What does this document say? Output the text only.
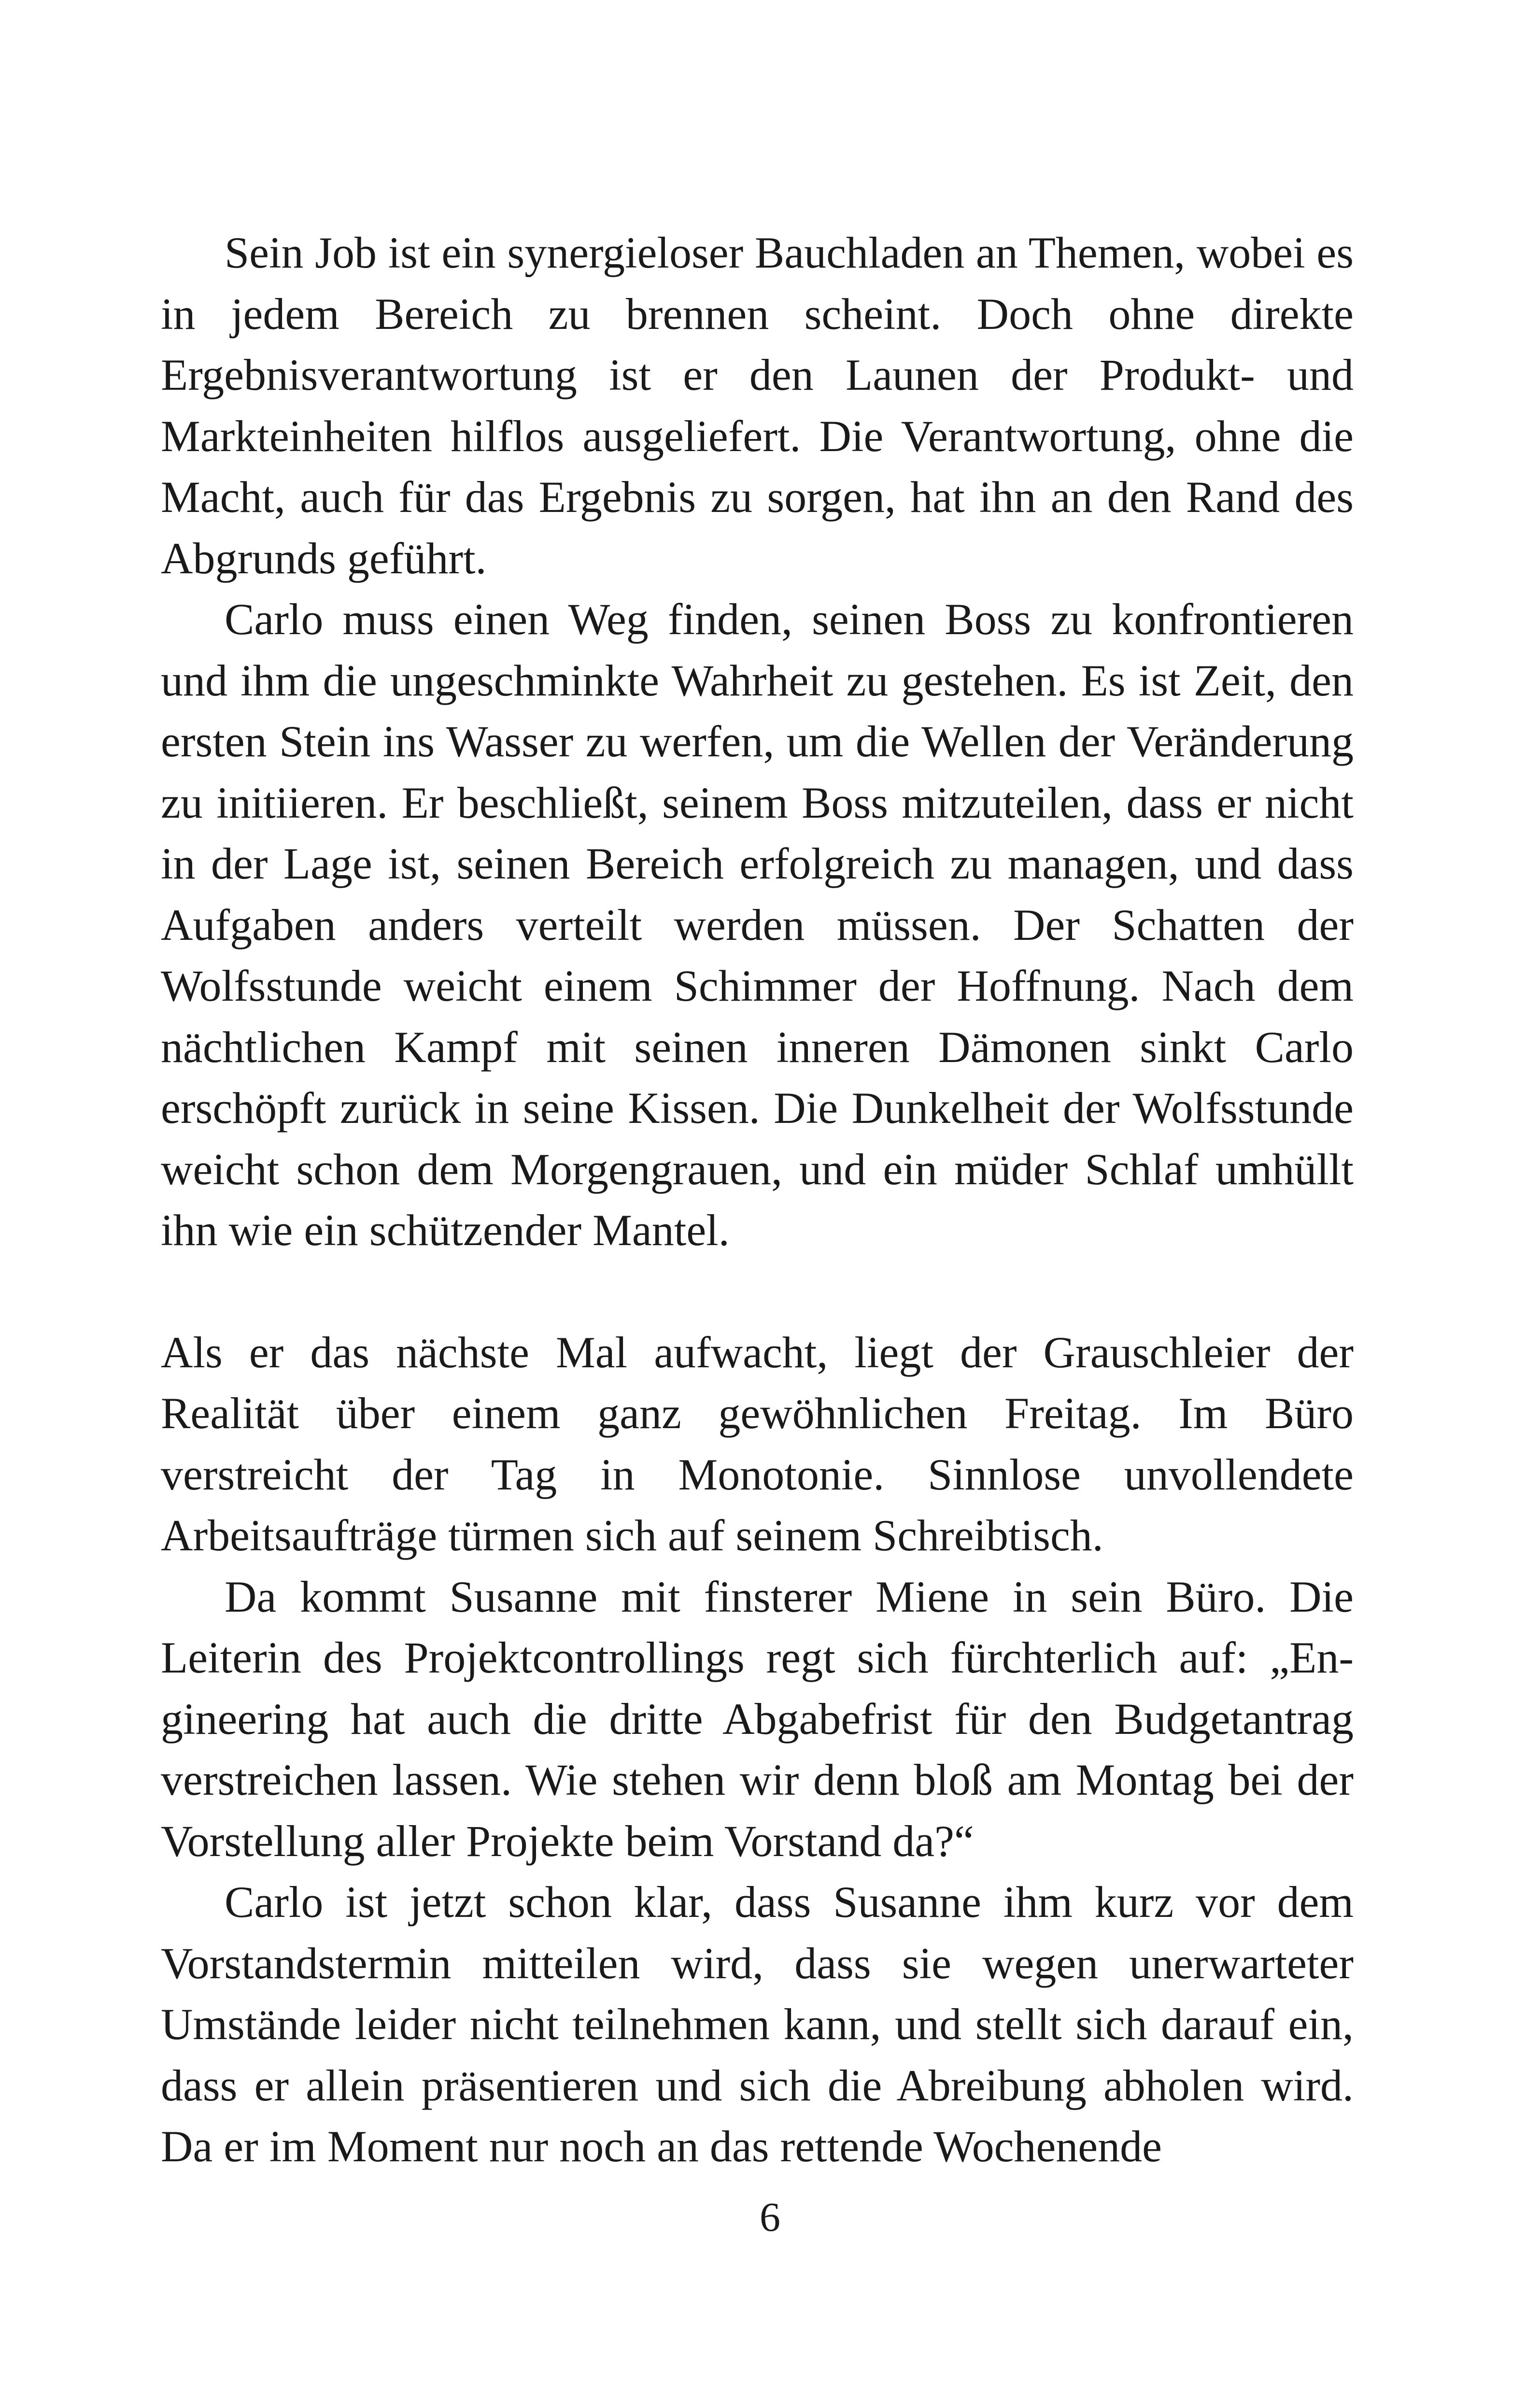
Sein Job ist ein synergieloser Bauchladen an Themen, wobei es in jedem Bereich zu brennen scheint. Doch ohne direkte Ergebnisverantwortung ist er den Launen der Produkt- und Markteinheiten hilflos ausgeliefert. Die Verantwortung, ohne die Macht, auch für das Ergebnis zu sorgen, hat ihn an den Rand des Abgrunds geführt.

Carlo muss einen Weg finden, seinen Boss zu konfrontieren und ihm die ungeschminkte Wahrheit zu gestehen. Es ist Zeit, den ersten Stein ins Wasser zu werfen, um die Wellen der Veränderung zu initiieren. Er beschließt, seinem Boss mitzuteilen, dass er nicht in der Lage ist, seinen Bereich erfolgreich zu managen, und dass Aufgaben anders verteilt werden müssen. Der Schatten der Wolfsstunde weicht einem Schimmer der Hoffnung. Nach dem nächtlichen Kampf mit seinen inneren Dämonen sinkt Carlo erschöpft zurück in seine Kissen. Die Dunkelheit der Wolfsstunde weicht schon dem Morgengrauen, und ein müder Schlaf umhüllt ihn wie ein schützender Mantel.

Als er das nächste Mal aufwacht, liegt der Grauschleier der Realität über einem ganz gewöhnlichen Freitag. Im Büro verstreicht der Tag in Monotonie. Sinnlose unvollendete Arbeitsaufträge türmen sich auf seinem Schreibtisch.

Da kommt Susanne mit finsterer Miene in sein Büro. Die Leiterin des Projektcontrollings regt sich fürchterlich auf: „Engineering hat auch die dritte Abgabefrist für den Budgetantrag verstreichen lassen. Wie stehen wir denn bloß am Montag bei der Vorstellung aller Projekte beim Vorstand da?“

Carlo ist jetzt schon klar, dass Susanne ihm kurz vor dem Vorstandstermin mitteilen wird, dass sie wegen unerwarteter Umstände leider nicht teilnehmen kann, und stellt sich darauf ein, dass er allein präsentieren und sich die Abreibung abholen wird. Da er im Moment nur noch an das rettende Wochenende

6
